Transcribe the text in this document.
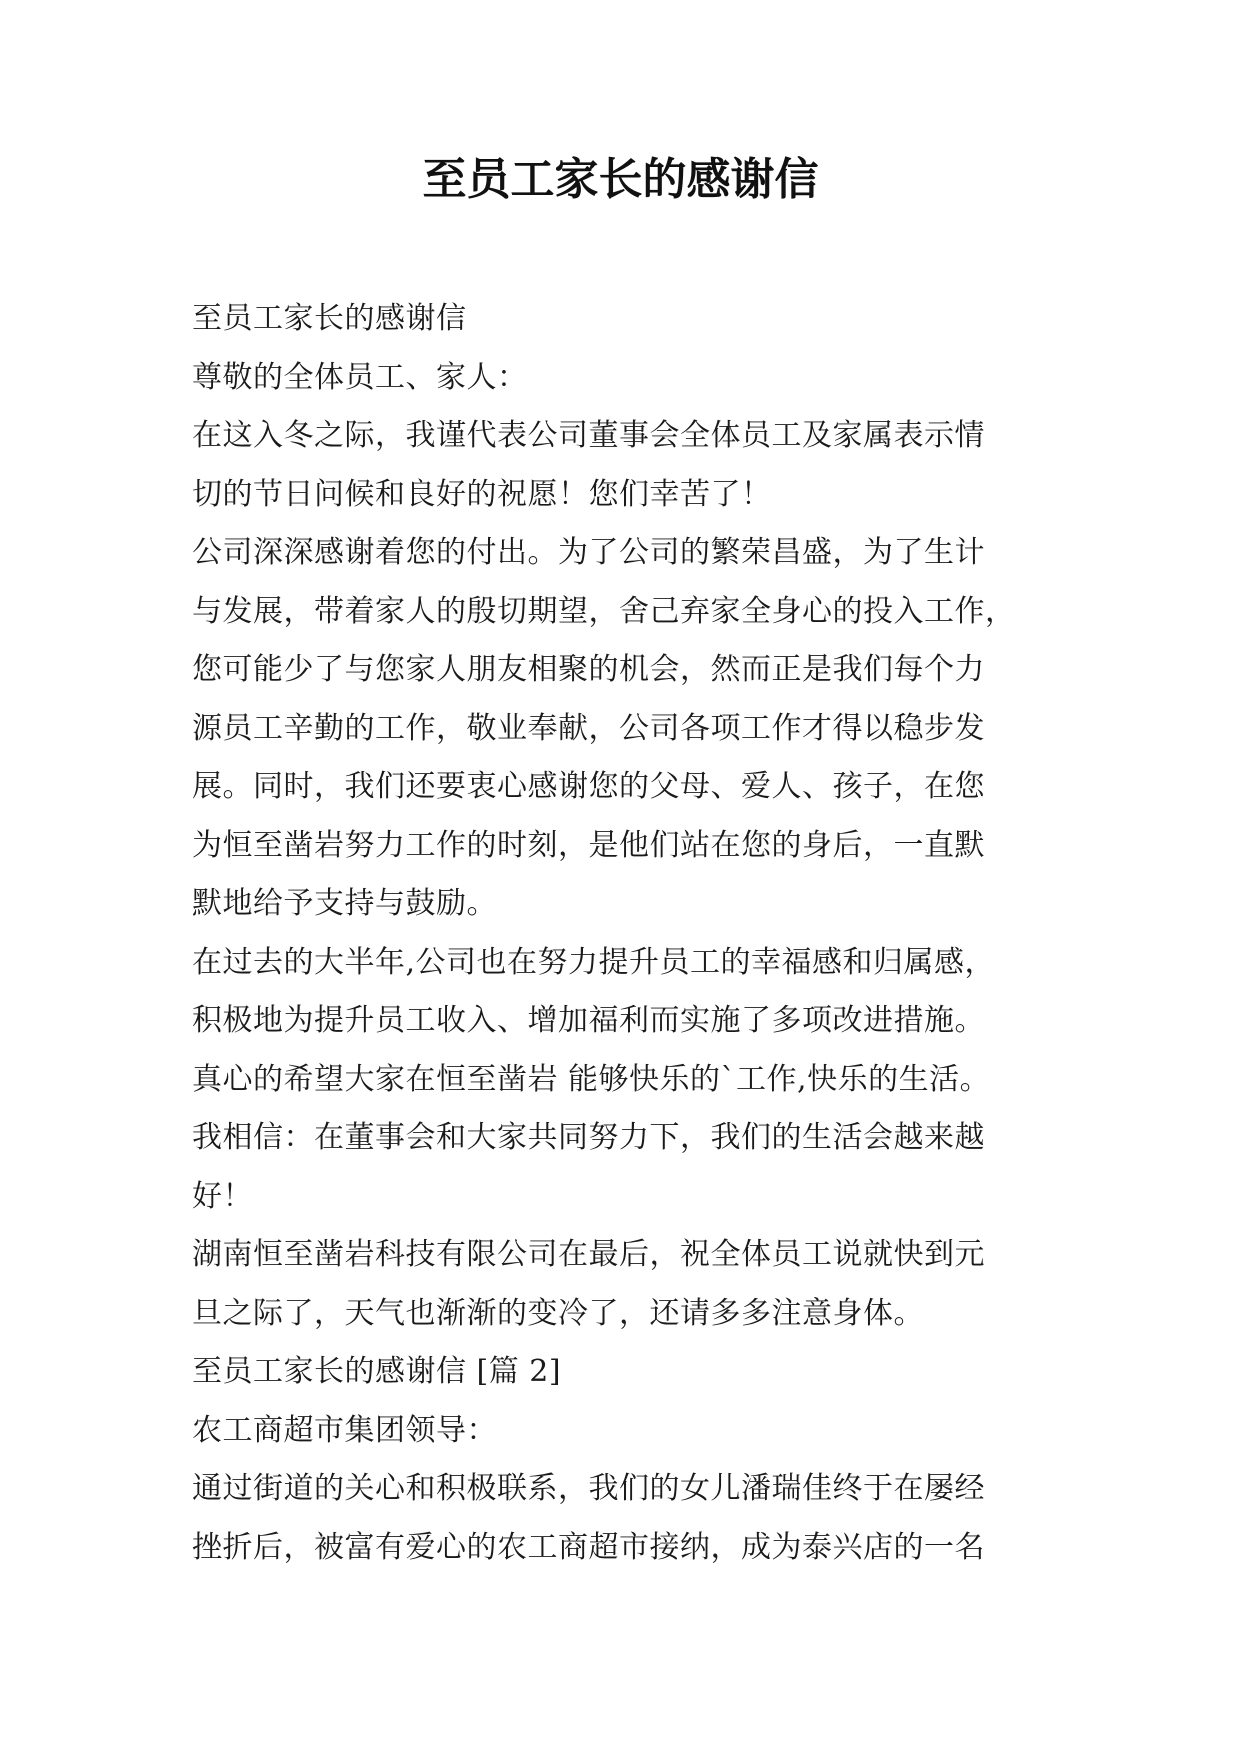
至员工家长的感谢信
至员工家长的感谢信
尊敬的全体员工、家人：
在这入冬之际，我谨代表公司董事会全体员工及家属表示情
切的节日问候和良好的祝愿！您们幸苦了！
公司深深感谢着您的付出。为了公司的繁荣昌盛，为了生计
与发展，带着家人的殷切期望，舍己弃家全身心的投入工作，
您可能少了与您家人朋友相聚的机会，然而正是我们每个力
源员工辛勤的工作，敬业奉献，公司各项工作才得以稳步发
展。同时，我们还要衷心感谢您的父母、爱人、孩子，在您
为恒至凿岩努力工作的时刻，是他们站在您的身后，一直默
默地给予支持与鼓励。
在过去的大半年,公司也在努力提升员工的幸福感和归属感，
积极地为提升员工收入、增加福利而实施了多项改进措施。
真心的希望大家在恒至凿岩 能够快乐的`工作,快乐的生活。
我相信：在董事会和大家共同努力下，我们的生活会越来越
好！
湖南恒至凿岩科技有限公司在最后，祝全体员工说就快到元
旦之际了，天气也渐渐的变冷了，还请多多注意身体。
至员工家长的感谢信 [篇 2]
农工商超市集团领导：
通过街道的关心和积极联系，我们的女儿潘瑞佳终于在屡经
挫折后，被富有爱心的农工商超市接纳，成为泰兴店的一名
